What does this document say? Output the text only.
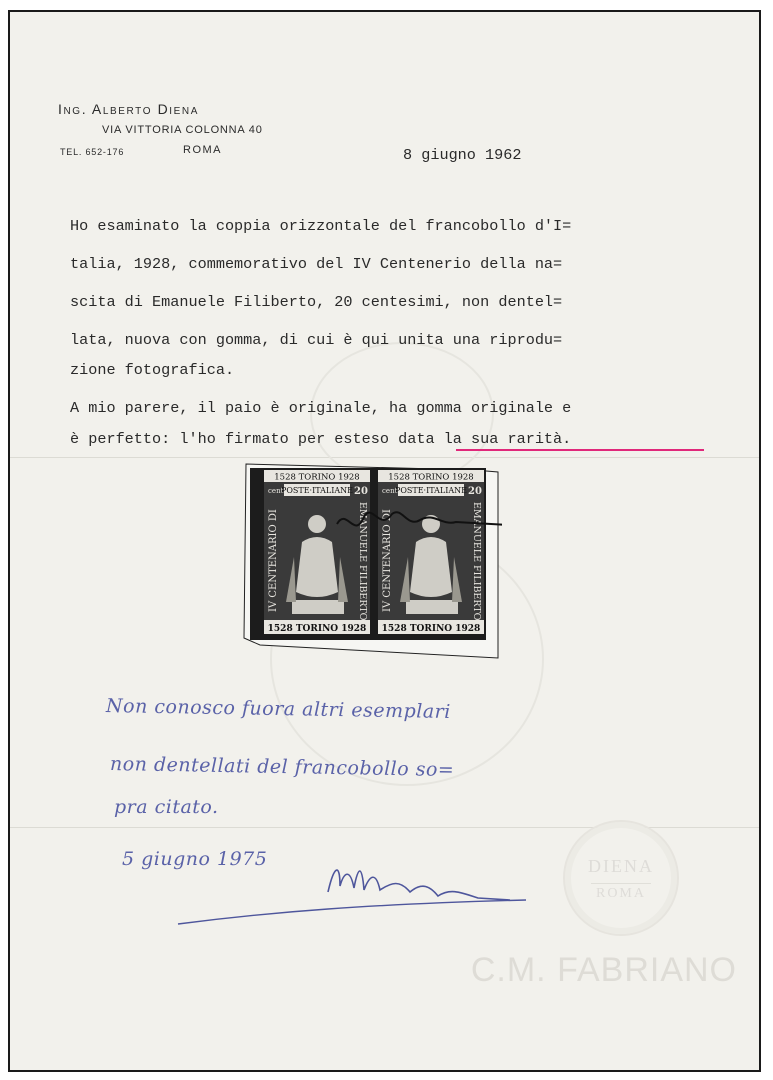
C.M. FABRIANO
DIENA
ROMA
Ing. Alberto Diena
VIA VITTORIA COLONNA 40
TEL. 652-176	ROMA	8 giugno 1962
Ho esaminato la coppia orizzontale del francobollo d'I=
talia, 1928, commemorativo del IV Centenerio della na=
scita di Emanuele Filiberto, 20 centesimi, non dentel=
lata, nuova con gomma, di cui è qui unita una riprodu=
zione fotografica.
A mio parere, il paio è originale, ha gomma originale e
è perfetto: l'ho firmato per esteso data la sua rarità.
1528 TORINO 1928
1528 TORINO 1928
POSTE·ITALIANE
cent	20
IV CENTENARIO DI	EMANUELE FILIBERTO
1528 TORINO 1928
1528 TORINO 1928
POSTE·ITALIANE
cent	20
IV CENTENARIO DI	EMANUELE FILIBERTO
Non conosco fuora altri esemplari
non dentellati del francobollo so=
pra citato.
5 giugno 1975
